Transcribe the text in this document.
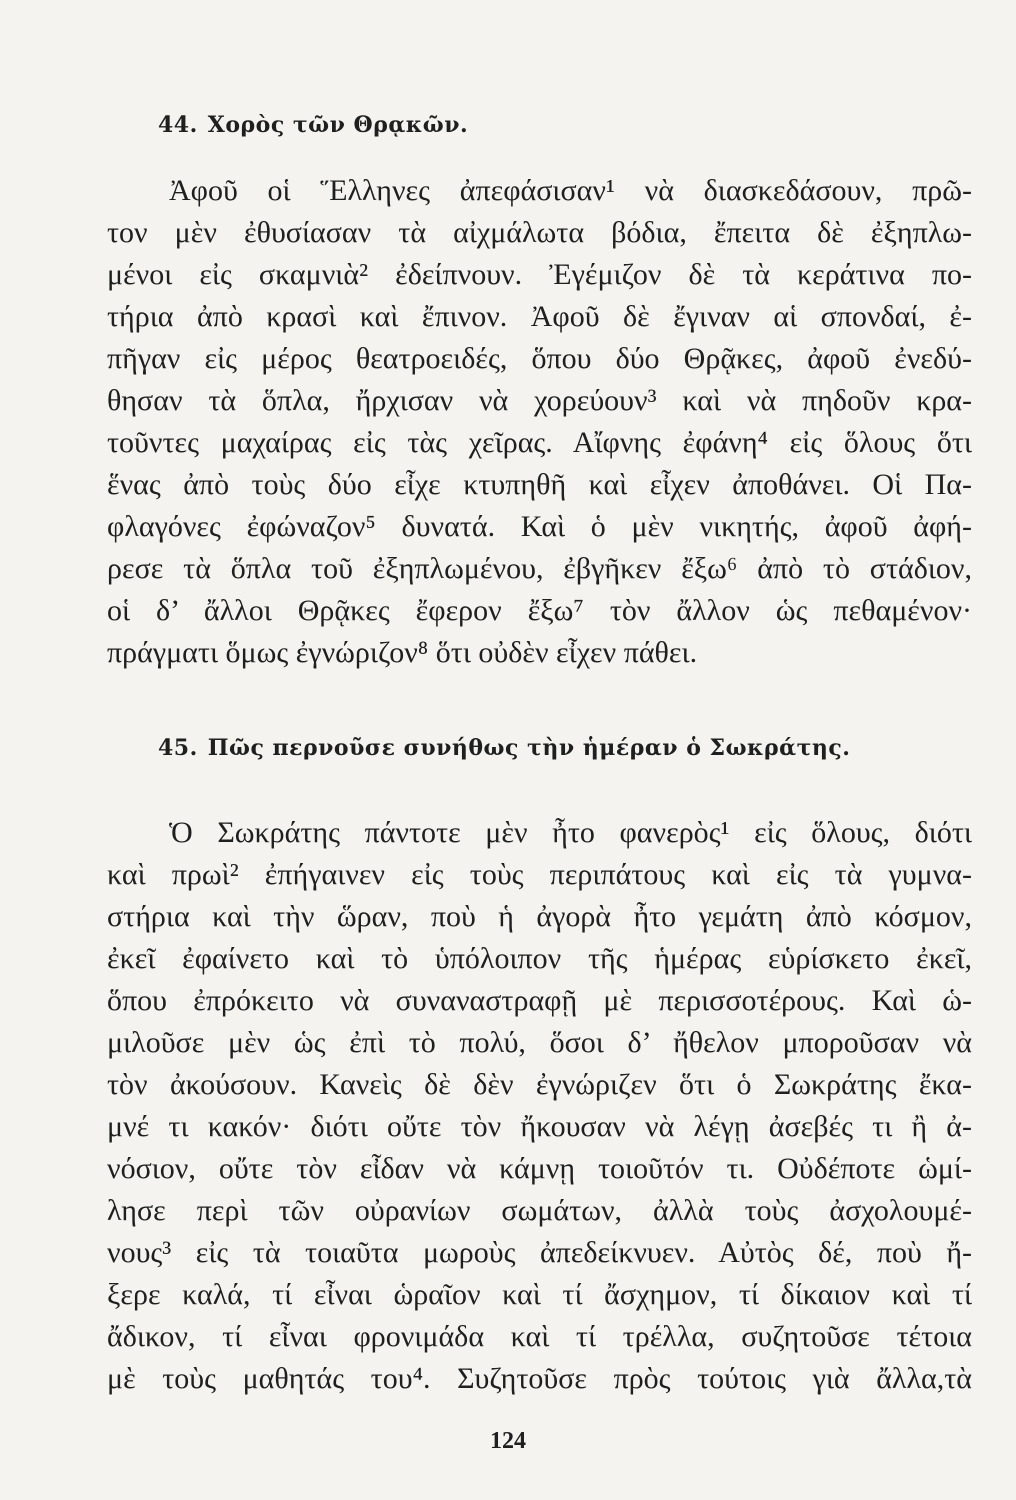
44. Χορὸς τῶν Θρᾳκῶν.
Ἀφοῦ οἱ Ἕλληνες ἀπεφάσισαν¹ νὰ διασκεδάσουν, πρῶ-
τον μὲν ἐθυσίασαν τὰ αἰχμάλωτα βόδια, ἔπειτα δὲ ἐξηπλω-
μένοι εἰς σκαμνιὰ² ἐδείπνουν. Ἐγέμιζον δὲ τὰ κεράτινα πο-
τήρια ἀπὸ κρασὶ καὶ ἔπινον. Ἀφοῦ δὲ ἔγιναν αἱ σπονδαί, ἐ-
πῆγαν εἰς μέρος θεατροειδές, ὅπου δύο Θρᾷκες, ἀφοῦ ἐνεδύ-
θησαν τὰ ὅπλα, ἤρχισαν νὰ χορεύουν³ καὶ νὰ πηδοῦν κρα-
τοῦντες μαχαίρας εἰς τὰς χεῖρας. Αἴφνης ἐφάνη⁴ εἰς ὅλους ὅτι
ἕνας ἀπὸ τοὺς δύο εἶχε κτυπηθῆ καὶ εἶχεν ἀποθάνει. Οἱ Πα-
φλαγόνες ἐφώναζον⁵ δυνατά. Καὶ ὁ μὲν νικητής, ἀφοῦ ἀφή-
ρεσε τὰ ὅπλα τοῦ ἐξηπλωμένου, ἐβγῆκεν ἔξω⁶ ἀπὸ τὸ στάδιον,
οἱ δ’ ἄλλοι Θρᾷκες ἔφερον ἔξω⁷ τὸν ἄλλον ὡς πεθαμένον·
πράγματι ὅμως ἐγνώριζον⁸ ὅτι οὐδὲν εἶχεν πάθει.
45. Πῶς περνοῦσε συνήθως τὴν ἡμέραν ὁ Σωκράτης.
Ὁ Σωκράτης πάντοτε μὲν ἦτο φανερὸς¹ εἰς ὅλους, διότι
καὶ πρωὶ² ἐπήγαινεν εἰς τοὺς περιπάτους καὶ εἰς τὰ γυμνα-
στήρια καὶ τὴν ὥραν, ποὺ ἡ ἀγορὰ ἦτο γεμάτη ἀπὸ κόσμον,
ἐκεῖ ἐφαίνετο καὶ τὸ ὑπόλοιπον τῆς ἡμέρας εὑρίσκετο ἐκεῖ,
ὅπου ἐπρόκειτο νὰ συναναστραφῇ μὲ περισσοτέρους. Καὶ ὡ-
μιλοῦσε μὲν ὡς ἐπὶ τὸ πολύ, ὅσοι δ’ ἤθελον μποροῦσαν νὰ
τὸν ἀκούσουν. Κανεὶς δὲ δὲν ἐγνώριζεν ὅτι ὁ Σωκράτης ἔκα-
μνέ τι κακόν· διότι οὔτε τὸν ἤκουσαν νὰ λέγῃ ἀσεβές τι ἢ ἀ-
νόσιον, οὔτε τὸν εἶδαν νὰ κάμνῃ τοιοῦτόν τι. Οὐδέποτε ὡμί-
λησε περὶ τῶν οὐρανίων σωμάτων, ἀλλὰ τοὺς ἀσχολουμέ-
νους³ εἰς τὰ τοιαῦτα μωροὺς ἀπεδείκνυεν. Αὐτὸς δέ, ποὺ ἤ-
ξερε καλά, τί εἶναι ὡραῖον καὶ τί ἄσχημον, τί δίκαιον καὶ τί
ἄδικον, τί εἶναι φρονιμάδα καὶ τί τρέλλα, συζητοῦσε τέτοια
μὲ τοὺς μαθητάς του⁴. Συζητοῦσε πρὸς τούτοις γιὰ ἄλλα,τὰ
124
